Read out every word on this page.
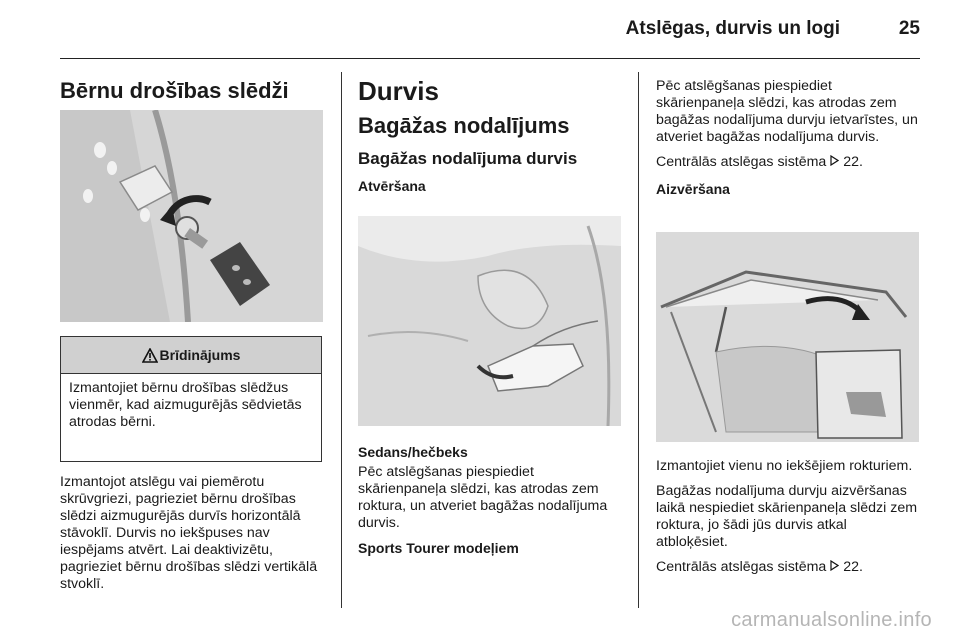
Atslēgas, durvis un logi	25
Bērnu drošības slēdži
Brīdinājums
Izmantojiet bērnu drošības slēdžus vienmēr, kad aizmugurējās sēdvietās atrodas bērni.

Izmantojot atslēgu vai piemērotu skrūvgriezi, pagrieziet bērnu drošības slēdzi aizmugurējās durvīs horizontālā stāvoklī. Durvis no iekšpuses nav iespējams atvērt. Lai deaktivizētu, pagrieziet bērnu drošības slēdzi vertikālā stvoklī.

Durvis
Bagāžas nodalījums
Bagāžas nodalījuma durvis
Atvēršana
Sedans/hečbeks

Pēc atslēgšanas piespiediet skārienpaneļa slēdzi, kas atrodas zem roktura, un atveriet bagāžas nodalījuma durvis.

Sports Tourer modeļiem

Pēc atslēgšanas piespiediet skārienpaneļa slēdzi, kas atrodas zem bagāžas nodalījuma durvju ietvarīstes, un atveriet bagāžas nodalījuma durvis.

Centrālās atslēgas sistēma 22.

Aizvēršana

Izmantojiet vienu no iekšējiem rokturiem.

Bagāžas nodalījuma durvju aizvēršanas laikā nespiediet skārienpaneļa slēdzi zem roktura, jo šādi jūs durvis atkal atbloķēsiet.

Centrālās atslēgas sistēma 22.

carmanualsonline.info
